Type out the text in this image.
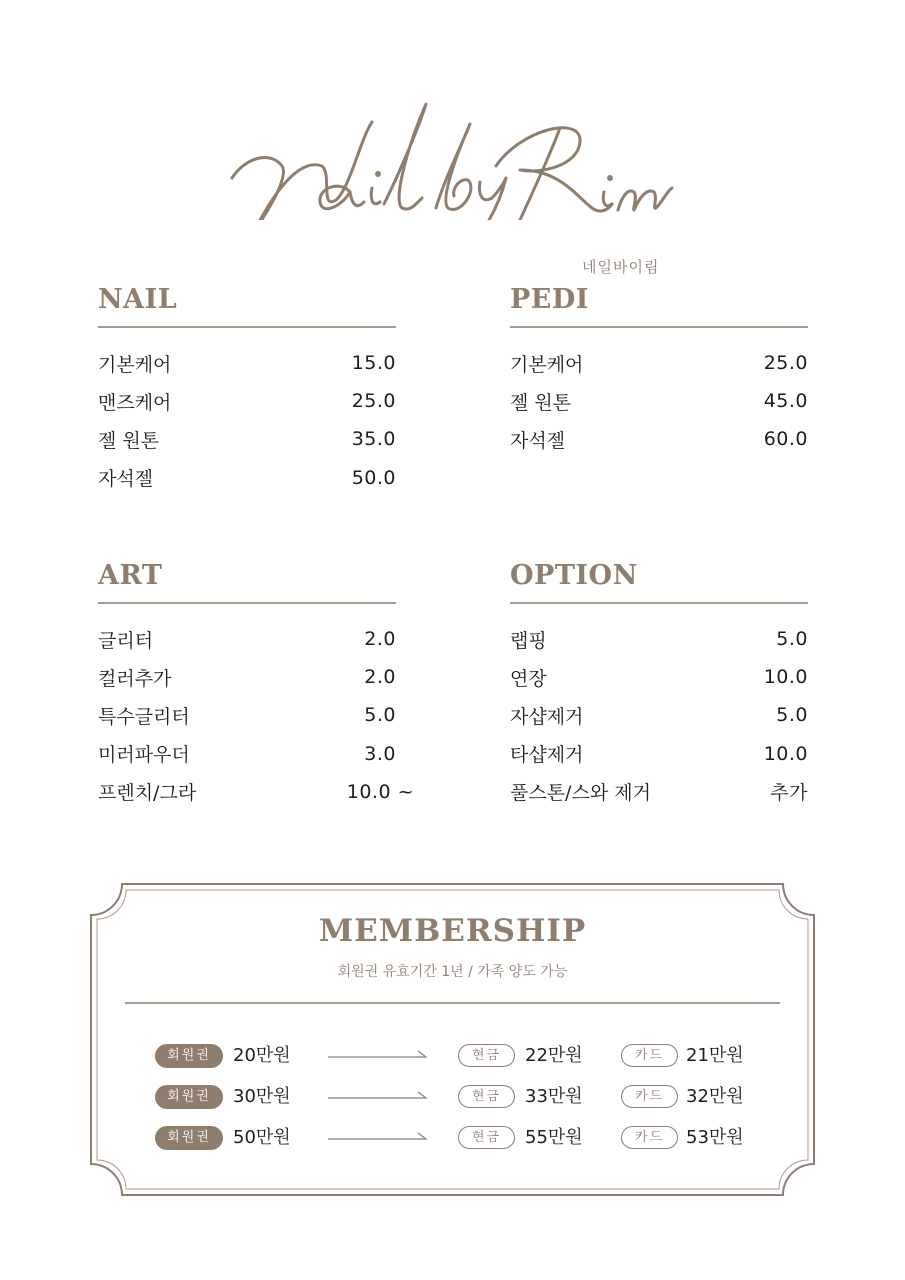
네일바이림
NAIL
기본케어	15.0
맨즈케어	25.0
젤 원톤	35.0
자석젤	50.0
PEDI
기본케어	25.0
젤 원톤	45.0
자석젤	60.0
ART
글리터	2.0
컬러추가	2.0
특수글리터	5.0
미러파우더	3.0
프렌치/그라	10.0 ~
OPTION
랩핑	5.0
연장	10.0
자샵제거	5.0
타샵제거	10.0
풀스톤/스와 제거	추가
MEMBERSHIP
회원권 유효기간 1년 / 가족 양도 가능
회원권	20만원	현금	22만원	카드	21만원
회원권	30만원	현금	33만원	카드	32만원
회원권	50만원	현금	55만원	카드	53만원
